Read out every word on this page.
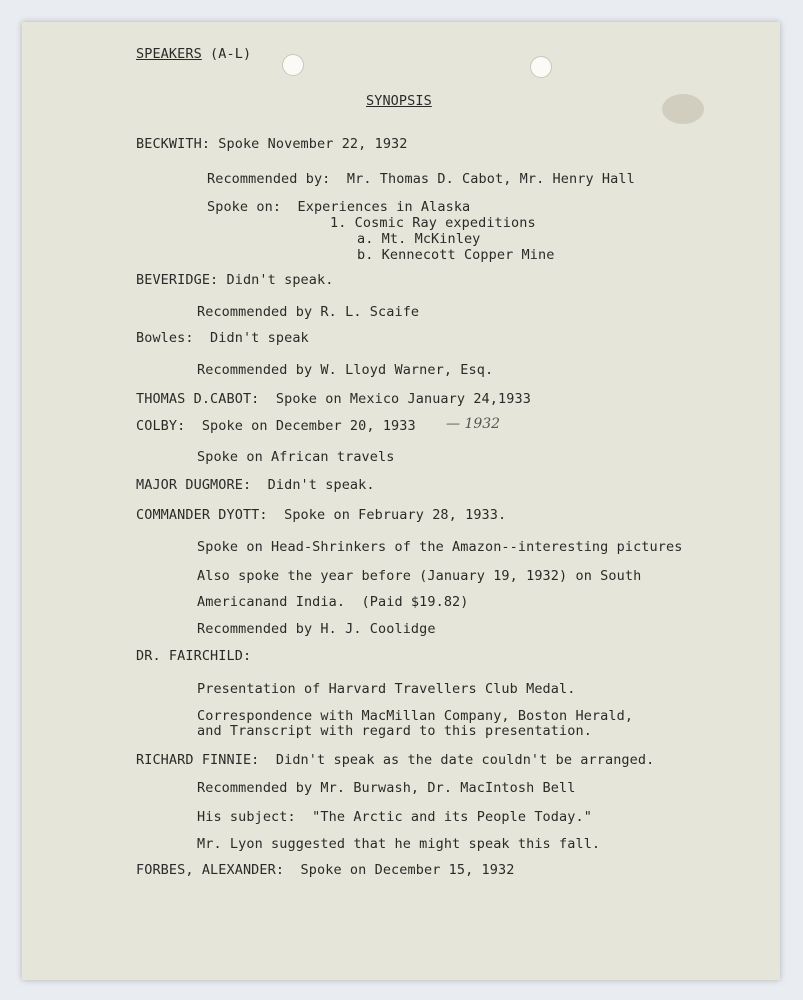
SPEAKERS (A-L)
SYNOPSIS
BECKWITH: Spoke November 22, 1932
Recommended by:  Mr. Thomas D. Cabot, Mr. Henry Hall
Spoke on:  Experiences in Alaska
1. Cosmic Ray expeditions
a. Mt. McKinley
b. Kennecott Copper Mine
BEVERIDGE: Didn't speak.
Recommended by R. L. Scaife
Bowles:  Didn't speak
Recommended by W. Lloyd Warner, Esq.
THOMAS D.CABOT:  Spoke on Mexico January 24,1933
COLBY:  Spoke on December 20, 1933 — 1932
Spoke on African travels
MAJOR DUGMORE:  Didn't speak.
COMMANDER DYOTT:  Spoke on February 28, 1933.
Spoke on Head-Shrinkers of the Amazon--interesting pictures
Also spoke the year before (January 19, 1932) on South
Americanand India.  (Paid $19.82)
Recommended by H. J. Coolidge
DR. FAIRCHILD:
Presentation of Harvard Travellers Club Medal.
Correspondence with MacMillan Company, Boston Herald,
and Transcript with regard to this presentation.
RICHARD FINNIE:  Didn't speak as the date couldn't be arranged.
Recommended by Mr. Burwash, Dr. MacIntosh Bell
His subject:  "The Arctic and its People Today."
Mr. Lyon suggested that he might speak this fall.
FORBES, ALEXANDER:  Spoke on December 15, 1932
